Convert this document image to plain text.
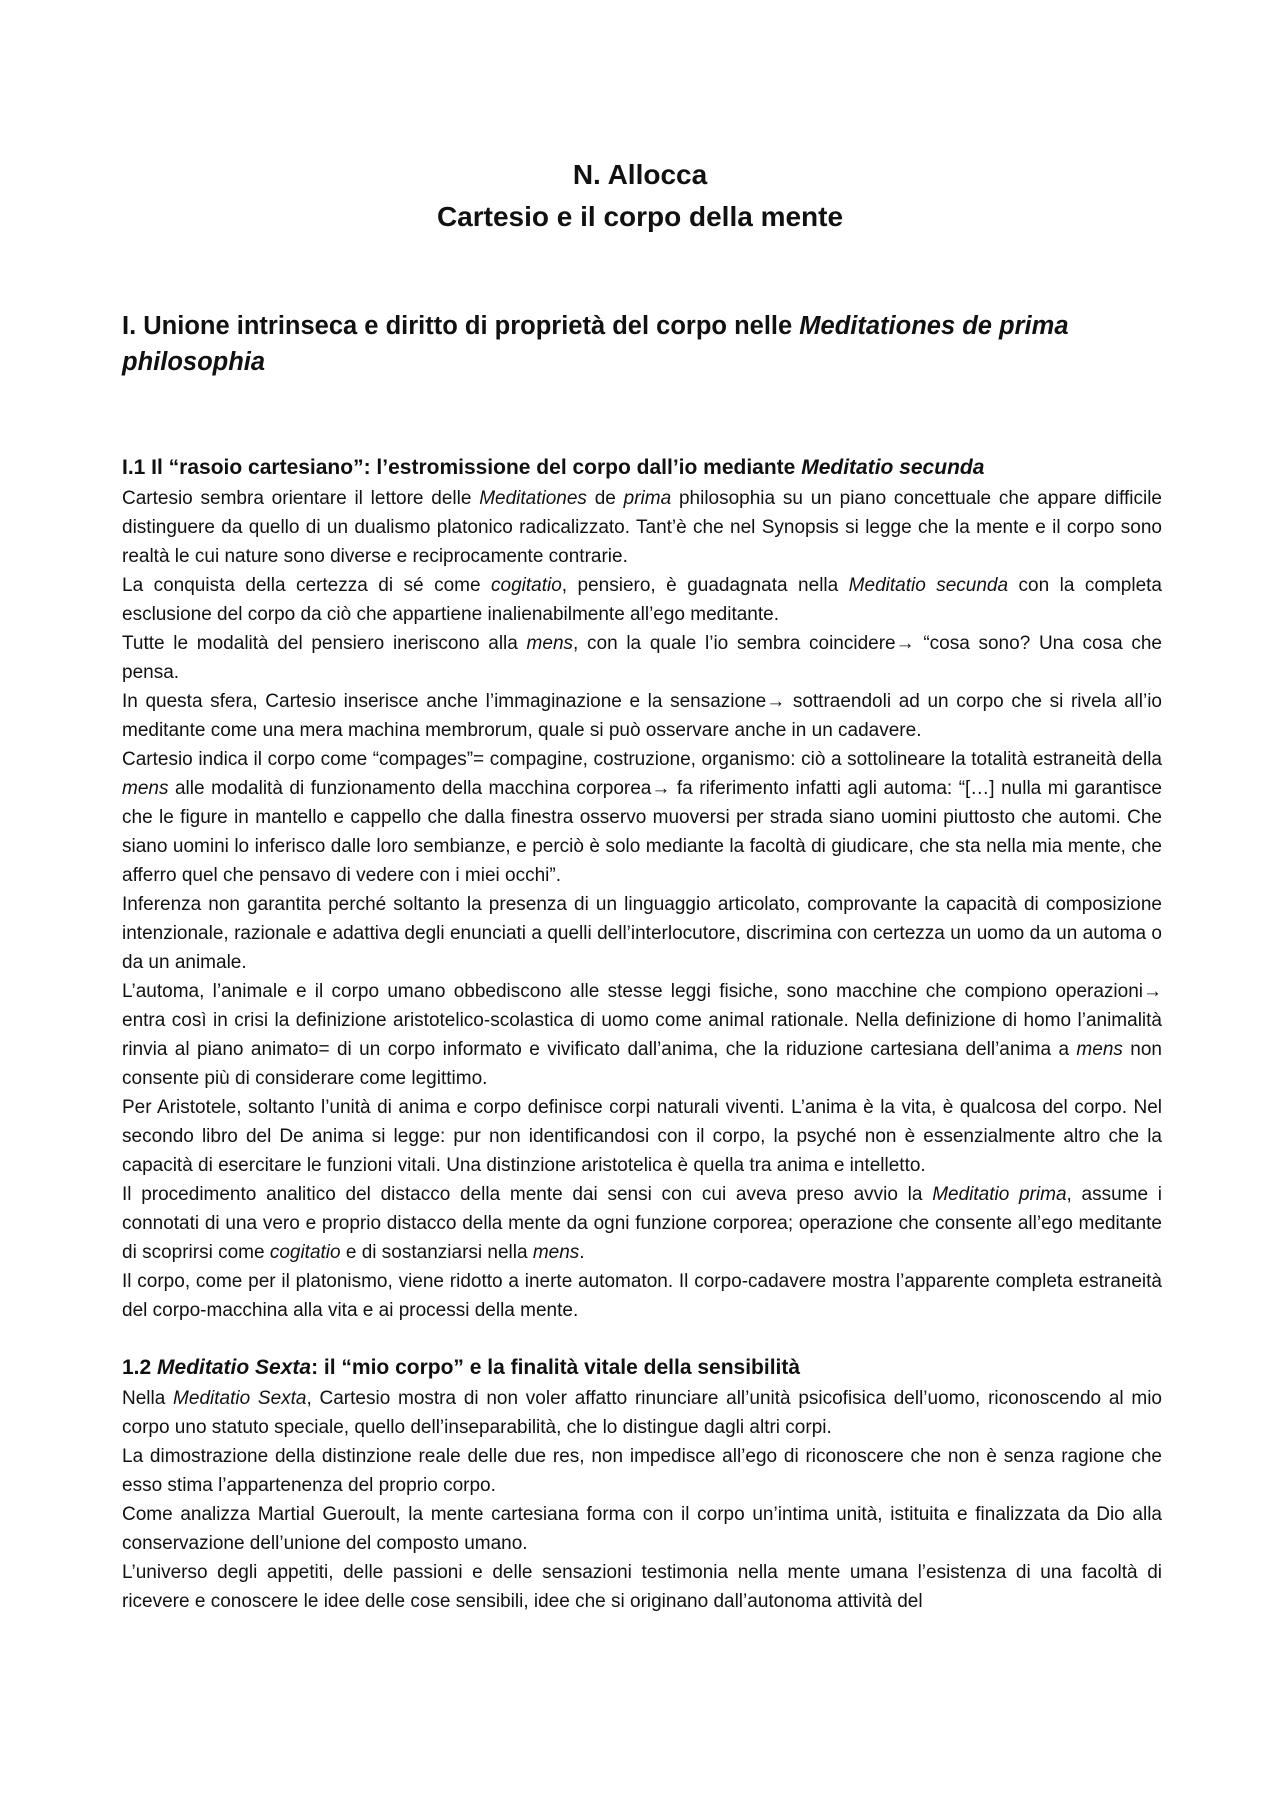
N. Allocca
Cartesio e il corpo della mente
I. Unione intrinseca e diritto di proprietà del corpo nelle Meditationes de prima philosophia

I.1 Il “rasoio cartesiano”: l’estromissione del corpo dall’io mediante Meditatio secunda

Cartesio sembra orientare il lettore delle Meditationes de prima philosophia su un piano concettuale che appare difficile distinguere da quello di un dualismo platonico radicalizzato. Tant’è che nel Synopsis si legge che la mente e il corpo sono realtà le cui nature sono diverse e reciprocamente contrarie.

La conquista della certezza di sé come cogitatio, pensiero, è guadagnata nella Meditatio secunda con la completa esclusione del corpo da ciò che appartiene inalienabilmente all’ego meditante.

Tutte le modalità del pensiero ineriscono alla mens, con la quale l’io sembra coincidere→ “cosa sono? Una cosa che pensa.

In questa sfera, Cartesio inserisce anche l’immaginazione e la sensazione→ sottraendoli ad un corpo che si rivela all’io meditante come una mera machina membrorum, quale si può osservare anche in un cadavere.

Cartesio indica il corpo come “compages”= compagine, costruzione, organismo: ciò a sottolineare la totalità estraneità della mens alle modalità di funzionamento della macchina corporea→ fa riferimento infatti agli automa: “[…] nulla mi garantisce che le figure in mantello e cappello che dalla finestra osservo muoversi per strada siano uomini piuttosto che automi. Che siano uomini lo inferisco dalle loro sembianze, e perciò è solo mediante la facoltà di giudicare, che sta nella mia mente, che afferro quel che pensavo di vedere con i miei occhi”.

Inferenza non garantita perché soltanto la presenza di un linguaggio articolato, comprovante la capacità di composizione intenzionale, razionale e adattiva degli enunciati a quelli dell’interlocutore, discrimina con certezza un uomo da un automa o da un animale.

L’automa, l’animale e il corpo umano obbediscono alle stesse leggi fisiche, sono macchine che compiono operazioni→ entra così in crisi la definizione aristotelico-scolastica di uomo come animal rationale. Nella definizione di homo l’animalità rinvia al piano animato= di un corpo informato e vivificato dall’anima, che la riduzione cartesiana dell’anima a mens non consente più di considerare come legittimo.

Per Aristotele, soltanto l’unità di anima e corpo definisce corpi naturali viventi. L’anima è la vita, è qualcosa del corpo. Nel secondo libro del De anima si legge: pur non identificandosi con il corpo, la psyché non è essenzialmente altro che la capacità di esercitare le funzioni vitali. Una distinzione aristotelica è quella tra anima e intelletto.

Il procedimento analitico del distacco della mente dai sensi con cui aveva preso avvio la Meditatio prima, assume i connotati di una vero e proprio distacco della mente da ogni funzione corporea; operazione che consente all’ego meditante di scoprirsi come cogitatio e di sostanziarsi nella mens.

Il corpo, come per il platonismo, viene ridotto a inerte automaton. Il corpo-cadavere mostra l’apparente completa estraneità del corpo-macchina alla vita e ai processi della mente.

1.2 Meditatio Sexta: il “mio corpo” e la finalità vitale della sensibilità

Nella Meditatio Sexta, Cartesio mostra di non voler affatto rinunciare all’unità psicofisica dell’uomo, riconoscendo al mio corpo uno statuto speciale, quello dell’inseparabilità, che lo distingue dagli altri corpi.

La dimostrazione della distinzione reale delle due res, non impedisce all’ego di riconoscere che non è senza ragione che esso stima l’appartenenza del proprio corpo.

Come analizza Martial Gueroult, la mente cartesiana forma con il corpo un’intima unità, istituita e finalizzata da Dio alla conservazione dell’unione del composto umano.

L’universo degli appetiti, delle passioni e delle sensazioni testimonia nella mente umana l’esistenza di una facoltà di ricevere e conoscere le idee delle cose sensibili, idee che si originano dall’autonoma attività del
